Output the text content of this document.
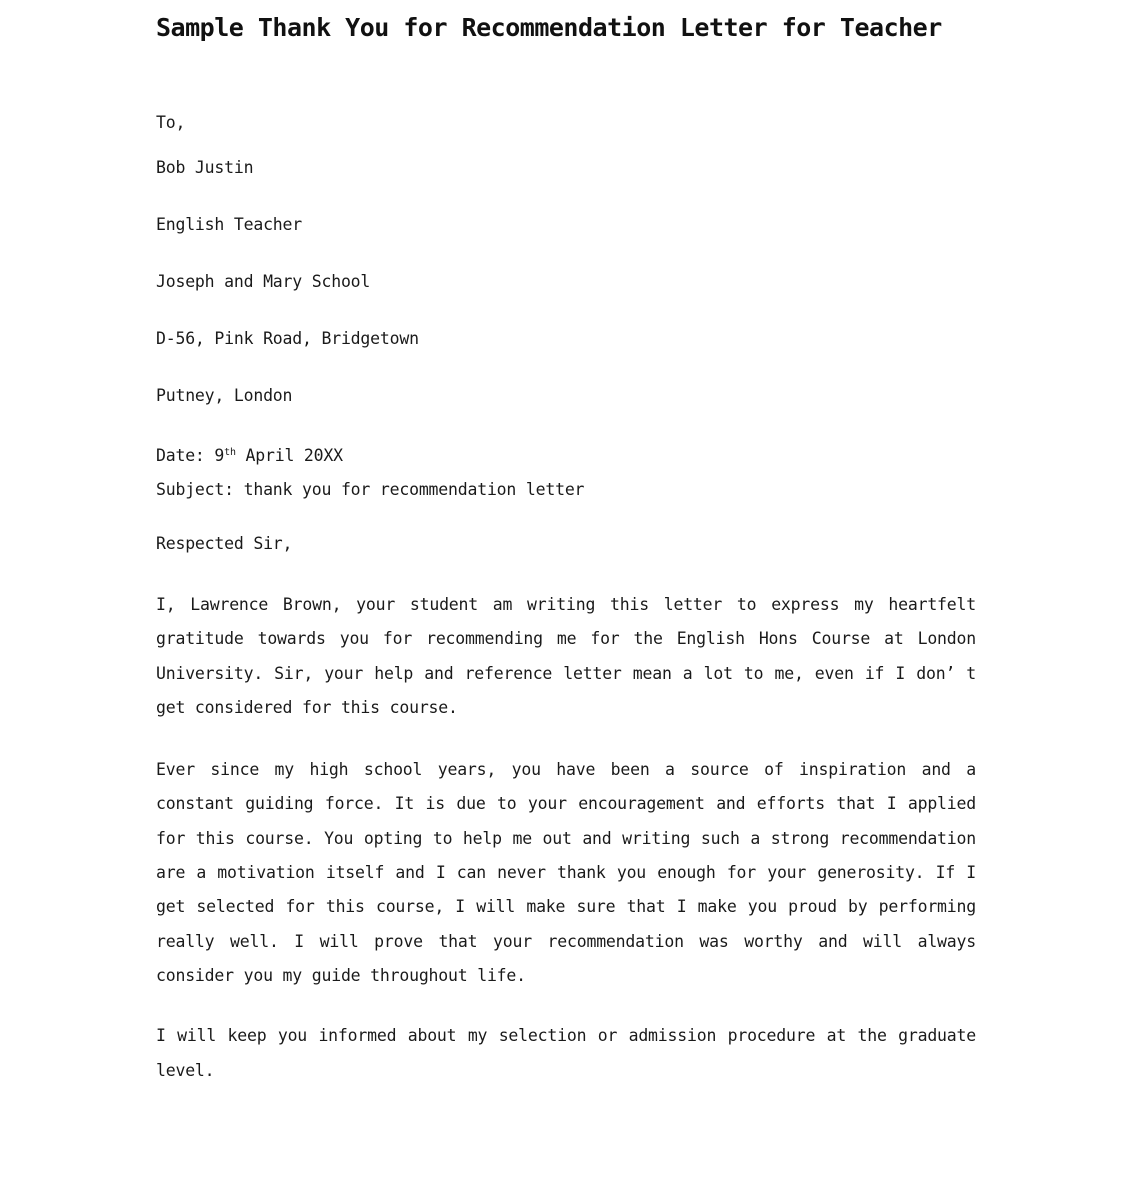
Sample Thank You for Recommendation Letter for Teacher
To,
Bob Justin
English Teacher
Joseph and Mary School
D-56, Pink Road, Bridgetown
Putney, London
Date: 9th April 20XX
Subject: thank you for recommendation letter
Respected Sir,

I, Lawrence Brown, your student am writing this letter to express my heartfelt gratitude towards you for recommending me for the English Hons Course at London University. Sir, your help and reference letter mean a lot to me, even if I don’ t get considered for this course.

Ever since my high school years, you have been a source of inspiration and a constant guiding force. It is due to your encouragement and efforts that I applied for this course. You opting to help me out and writing such a strong recommendation are a motivation itself and I can never thank you enough for your generosity. If I get selected for this course, I will make sure that I make you proud by performing really well. I will prove that your recommendation was worthy and will always consider you my guide throughout life.

I will keep you informed about my selection or admission procedure at the graduate level.
